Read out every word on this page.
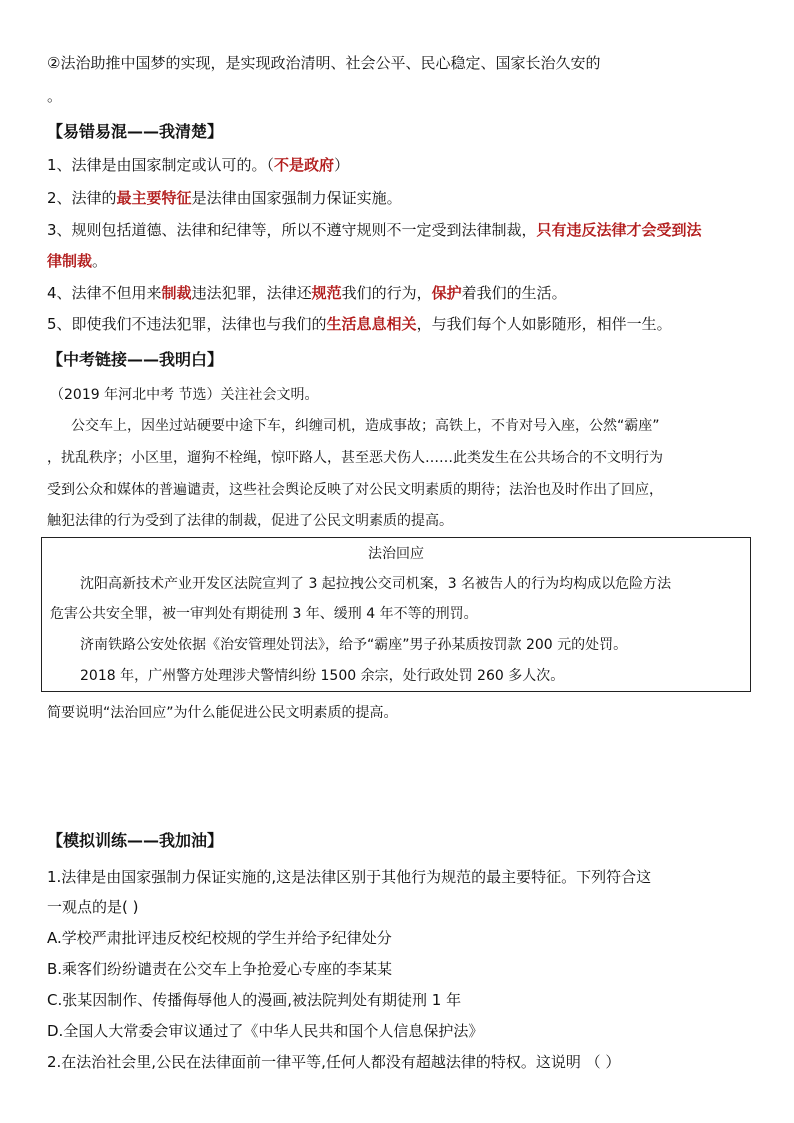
②法治助推中国梦的实现，是实现政治清明、社会公平、民心稳定、国家长治久安的
。
【易错易混——我清楚】
1、法律是由国家制定或认可的。（不是政府）
2、法律的最主要特征是法律由国家强制力保证实施。
3、规则包括道德、法律和纪律等，所以不遵守规则不一定受到法律制裁，只有违反法律才会受到法
律制裁。
4、法律不但用来制裁违法犯罪，法律还规范我们的行为，保护着我们的生活。
5、即使我们不违法犯罪，法律也与我们的生活息息相关，与我们每个人如影随形，相伴一生。
【中考链接——我明白】
（2019 年河北中考 节选）关注社会文明。
公交车上，因坐过站硬要中途下车，纠缠司机，造成事故；高铁上，不肯对号入座，公然“霸座”
，扰乱秩序；小区里，遛狗不栓绳，惊吓路人，甚至恶犬伤人……此类发生在公共场合的不文明行为
受到公众和媒体的普遍谴责，这些社会舆论反映了对公民文明素质的期待；法治也及时作出了回应，
触犯法律的行为受到了法律的制裁，促进了公民文明素质的提高。
法治回应
沈阳高新技术产业开发区法院宣判了 3 起拉拽公交司机案，3 名被告人的行为均构成以危险方法
危害公共安全罪，被一审判处有期徒刑 3 年、缓刑 4 年不等的刑罚。
济南铁路公安处依据《治安管理处罚法》，给予“霸座”男子孙某质按罚款 200 元的处罚。
2018 年，广州警方处理涉犬警情纠纷 1500 余宗，处行政处罚 260 多人次。
简要说明“法治回应”为什么能促进公民文明素质的提高。
【模拟训练——我加油】
1.法律是由国家强制力保证实施的,这是法律区别于其他行为规范的最主要特征。下列符合这
一观点的是( )
A.学校严肃批评违反校纪校规的学生并给予纪律处分
B.乘客们纷纷谴责在公交车上争抢爱心专座的李某某
C.张某因制作、传播侮辱他人的漫画,被法院判处有期徒刑 1 年
D.全国人大常委会审议通过了《中华人民共和国个人信息保护法》
2.在法治社会里,公民在法律面前一律平等,任何人都没有超越法律的特权。这说明 （ ）
